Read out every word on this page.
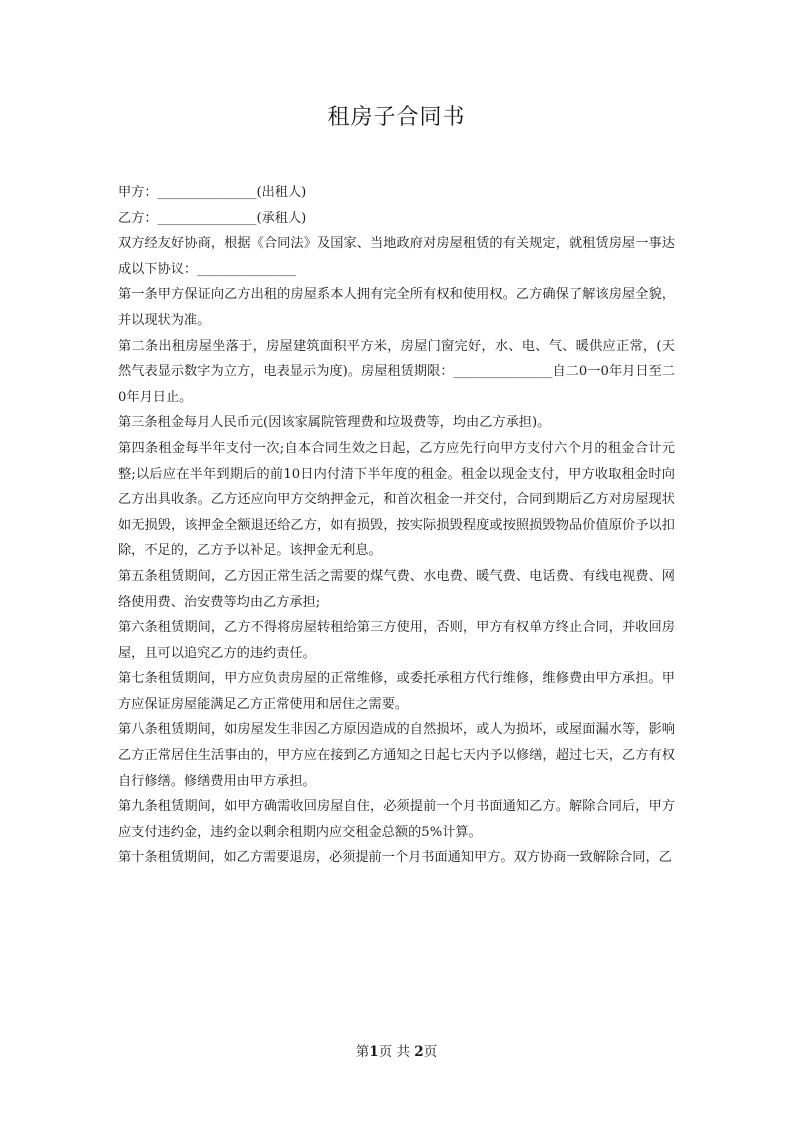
租房子合同书

甲方：_______________(出租人)

乙方：_______________(承租人)

双方经友好协商，根据《合同法》及国家、当地政府对房屋租赁的有关规定，就租赁房屋一事达成以下协议：_______________

第一条甲方保证向乙方出租的房屋系本人拥有完全所有权和使用权。乙方确保了解该房屋全貌，并以现状为准。

第二条出租房屋坐落于，房屋建筑面积平方米，房屋门窗完好，水、电、气、暖供应正常，(天然气表显示数字为立方，电表显示为度)。房屋租赁期限：_______________自二0一0年月日至二0年月日止。

第三条租金每月人民币元(因该家属院管理费和垃圾费等，均由乙方承担)。

第四条租金每半年支付一次;自本合同生效之日起，乙方应先行向甲方支付六个月的租金合计元整;以后应在半年到期后的前10日内付清下半年度的租金。租金以现金支付，甲方收取租金时向乙方出具收条。乙方还应向甲方交纳押金元，和首次租金一并交付，合同到期后乙方对房屋现状如无损毁，该押金全额退还给乙方，如有损毁，按实际损毁程度或按照损毁物品价值原价予以扣除，不足的，乙方予以补足。该押金无利息。

第五条租赁期间，乙方因正常生活之需要的煤气费、水电费、暖气费、电话费、有线电视费、网络使用费、治安费等均由乙方承担;

第六条租赁期间，乙方不得将房屋转租给第三方使用，否则，甲方有权单方终止合同，并收回房屋，且可以追究乙方的违约责任。

第七条租赁期间，甲方应负责房屋的正常维修，或委托承租方代行维修，维修费由甲方承担。甲方应保证房屋能满足乙方正常使用和居住之需要。

第八条租赁期间，如房屋发生非因乙方原因造成的自然损坏，或人为损坏，或屋面漏水等，影响乙方正常居住生活事由的，甲方应在接到乙方通知之日起七天内予以修缮，超过七天，乙方有权自行修缮。修缮费用由甲方承担。

第九条租赁期间，如甲方确需收回房屋自住，必须提前一个月书面通知乙方。解除合同后，甲方应支付违约金，违约金以剩余租期内应交租金总额的5%计算。

第十条租赁期间，如乙方需要退房，必须提前一个月书面通知甲方。双方协商一致解除合同，乙

第1页 共 2页
